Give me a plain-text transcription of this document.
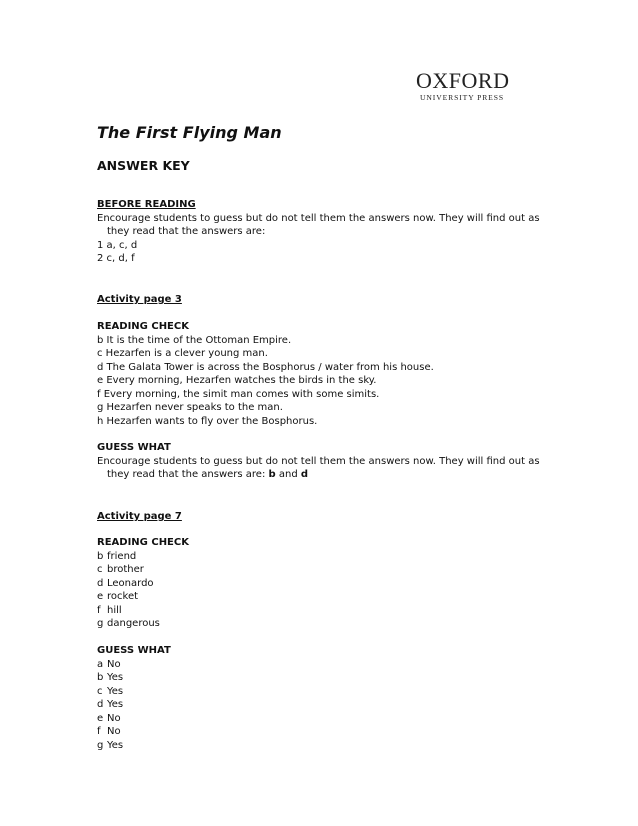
OXFORD
UNIVERSITY PRESS
The First Flying Man
ANSWER KEY
BEFORE READING
Encourage students to guess but do not tell them the answers now. They will find out as they read that the answers are:
1 a, c, d
2 c, d, f
Activity page 3
READING CHECK
b It is the time of the Ottoman Empire.
c Hezarfen is a clever young man.
d The Galata Tower is across the Bosphorus / water from his house.
e Every morning, Hezarfen watches the birds in the sky.
f Every morning, the simit man comes with some simits.
g Hezarfen never speaks to the man.
h Hezarfen wants to fly over the Bosphorus.
GUESS WHAT
Encourage students to guess but do not tell them the answers now. They will find out as they read that the answers are: b and d
Activity page 7
READING CHECK
b friend
c brother
d Leonardo
e rocket
f hill
g dangerous
GUESS WHAT
a No
b Yes
c Yes
d Yes
e No
f No
g Yes
